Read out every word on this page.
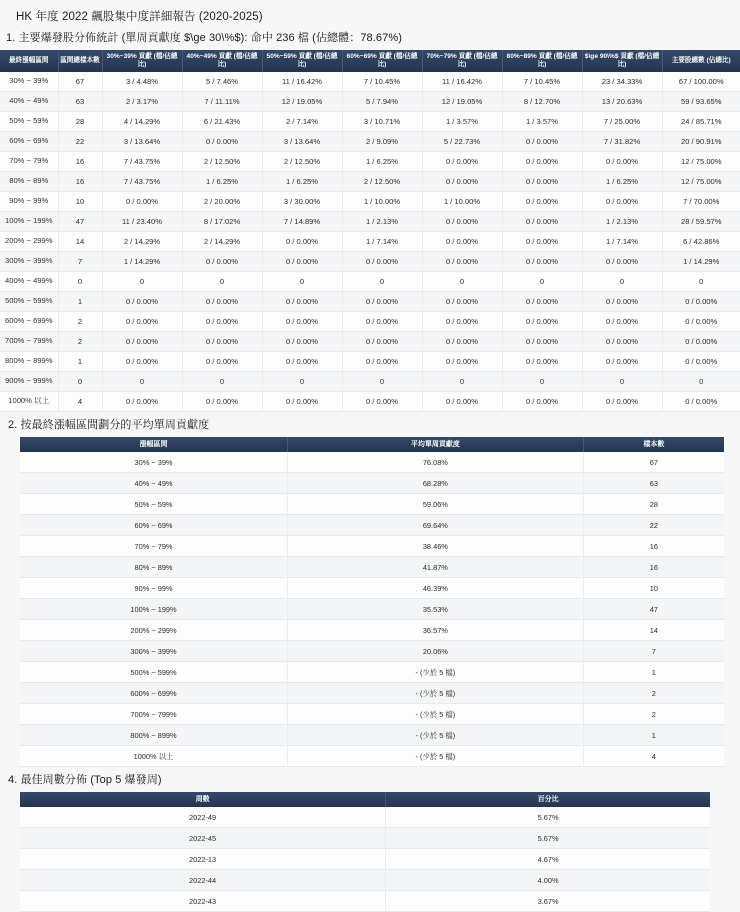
HK 年度 2022 飆股集中度詳細報告 (2020-2025)
1. 主要爆發股分佈統計 (單周貢獻度 $\ge 30\%$): 命中 236 檔 (佔總體：78.67%)
最終漲幅區間	區間總樣本數	30%~39% 貢獻 (檔/佔總比)	40%~49% 貢獻 (檔/佔總比)	50%~59% 貢獻 (檔/佔總比)	60%~69% 貢獻 (檔/佔總比)	70%~79% 貢獻 (檔/佔總比)	80%~89% 貢獻 (檔/佔總比)	$\ge 90\%$ 貢獻 (檔/佔總比)	主要股總數 (佔總比)
30% ~ 39%	67	3 / 4.48%	5 / 7.46%	11 / 16.42%	7 / 10.45%	11 / 16.42%	7 / 10.45%	23 / 34.33%	67 / 100.00%
40% ~ 49%	63	2 / 3.17%	7 / 11.11%	12 / 19.05%	5 / 7.94%	12 / 19.05%	8 / 12.70%	13 / 20.63%	59 / 93.65%
50% ~ 59%	28	4 / 14.29%	6 / 21.43%	2 / 7.14%	3 / 10.71%	1 / 3.57%	1 / 3.57%	7 / 25.00%	24 / 85.71%
60% ~ 69%	22	3 / 13.64%	0 / 0.00%	3 / 13.64%	2 / 9.09%	5 / 22.73%	0 / 0.00%	7 / 31.82%	20 / 90.91%
70% ~ 79%	16	7 / 43.75%	2 / 12.50%	2 / 12.50%	1 / 6.25%	0 / 0.00%	0 / 0.00%	0 / 0.00%	12 / 75.00%
80% ~ 89%	16	7 / 43.75%	1 / 6.25%	1 / 6.25%	2 / 12.50%	0 / 0.00%	0 / 0.00%	1 / 6.25%	12 / 75.00%
90% ~ 99%	10	0 / 0.00%	2 / 20.00%	3 / 30.00%	1 / 10.00%	1 / 10.00%	0 / 0.00%	0 / 0.00%	7 / 70.00%
100% ~ 199%	47	11 / 23.40%	8 / 17.02%	7 / 14.89%	1 / 2.13%	0 / 0.00%	0 / 0.00%	1 / 2.13%	28 / 59.57%
200% ~ 299%	14	2 / 14.29%	2 / 14.29%	0 / 0.00%	1 / 7.14%	0 / 0.00%	0 / 0.00%	1 / 7.14%	6 / 42.86%
300% ~ 399%	7	1 / 14.29%	0 / 0.00%	0 / 0.00%	0 / 0.00%	0 / 0.00%	0 / 0.00%	0 / 0.00%	1 / 14.29%
400% ~ 499%	0	0	0	0	0	0	0	0	0
500% ~ 599%	1	0 / 0.00%	0 / 0.00%	0 / 0.00%	0 / 0.00%	0 / 0.00%	0 / 0.00%	0 / 0.00%	0 / 0.00%
600% ~ 699%	2	0 / 0.00%	0 / 0.00%	0 / 0.00%	0 / 0.00%	0 / 0.00%	0 / 0.00%	0 / 0.00%	0 / 0.00%
700% ~ 799%	2	0 / 0.00%	0 / 0.00%	0 / 0.00%	0 / 0.00%	0 / 0.00%	0 / 0.00%	0 / 0.00%	0 / 0.00%
800% ~ 899%	1	0 / 0.00%	0 / 0.00%	0 / 0.00%	0 / 0.00%	0 / 0.00%	0 / 0.00%	0 / 0.00%	0 / 0.00%
900% ~ 999%	0	0	0	0	0	0	0	0	0
1000% 以上	4	0 / 0.00%	0 / 0.00%	0 / 0.00%	0 / 0.00%	0 / 0.00%	0 / 0.00%	0 / 0.00%	0 / 0.00%
2. 按最終漲幅區間劃分的平均單周貢獻度
漲幅區間	平均單周貢獻度	樣本數
30% ~ 39%	76.08%	67
40% ~ 49%	68.28%	63
50% ~ 59%	59.06%	28
60% ~ 69%	69.64%	22
70% ~ 79%	38.46%	16
80% ~ 89%	41.87%	16
90% ~ 99%	46.39%	10
100% ~ 199%	35.53%	47
200% ~ 299%	36.57%	14
300% ~ 399%	20.06%	7
500% ~ 599%	- (少於 5 檔)	1
600% ~ 699%	- (少於 5 檔)	2
700% ~ 799%	- (少於 5 檔)	2
800% ~ 899%	- (少於 5 檔)	1
1000% 以上	- (少於 5 檔)	4
4. 最佳周數分佈 (Top 5 爆發周)
周數	百分比
2022-49	5.67%
2022-45	5.67%
2022-13	4.67%
2022-44	4.00%
2022-43	3.67%
